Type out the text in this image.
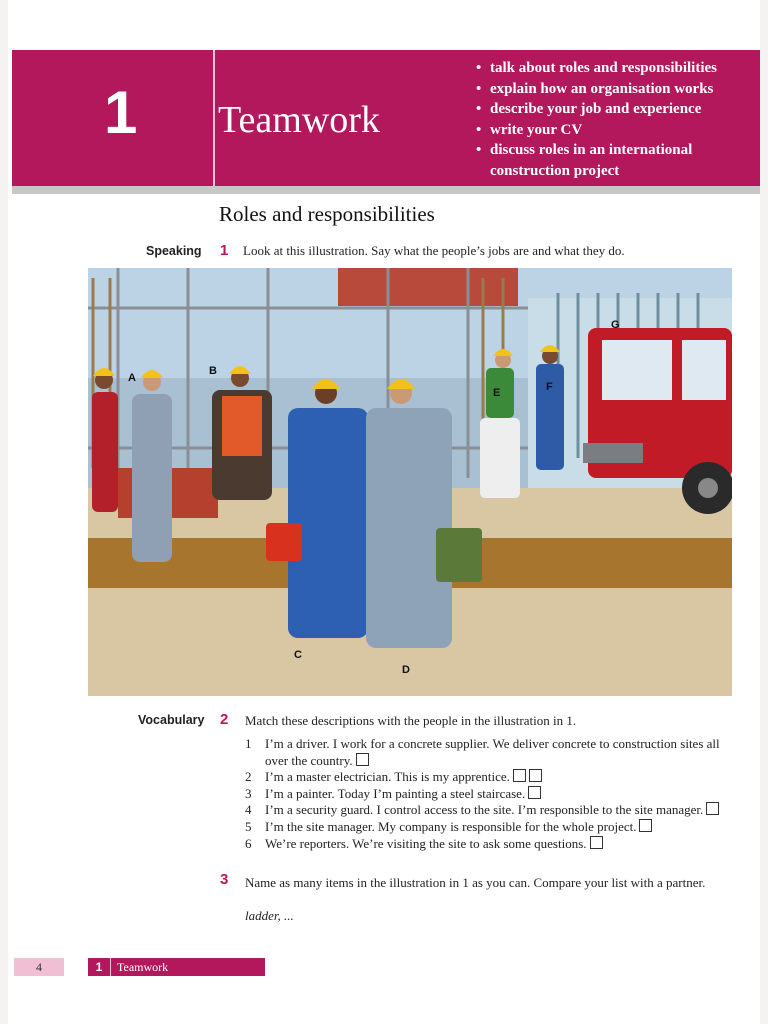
1 Teamwork
• talk about roles and responsibilities
• explain how an organisation works
• describe your job and experience
• write your CV
• discuss roles in an international construction project
Roles and responsibilities
Speaking 1 Look at this illustration. Say what the people’s jobs are and what they do.
A
B
C
D
E	F
G
Vocabulary 2 Match these descriptions with the people in the illustration in 1.
1 I’m a driver. I work for a concrete supplier. We deliver concrete to construction sites all over the country.
2 I’m a master electrician. This is my apprentice.
3 I’m a painter. Today I’m painting a steel staircase.
4 I’m a security guard. I control access to the site. I’m responsible to the site manager.
5 I’m the site manager. My company is responsible for the whole project.
6 We’re reporters. We’re visiting the site to ask some questions.
3 Name as many items in the illustration in 1 as you can. Compare your list with a partner.
ladder, ...
4	1 Teamwork
